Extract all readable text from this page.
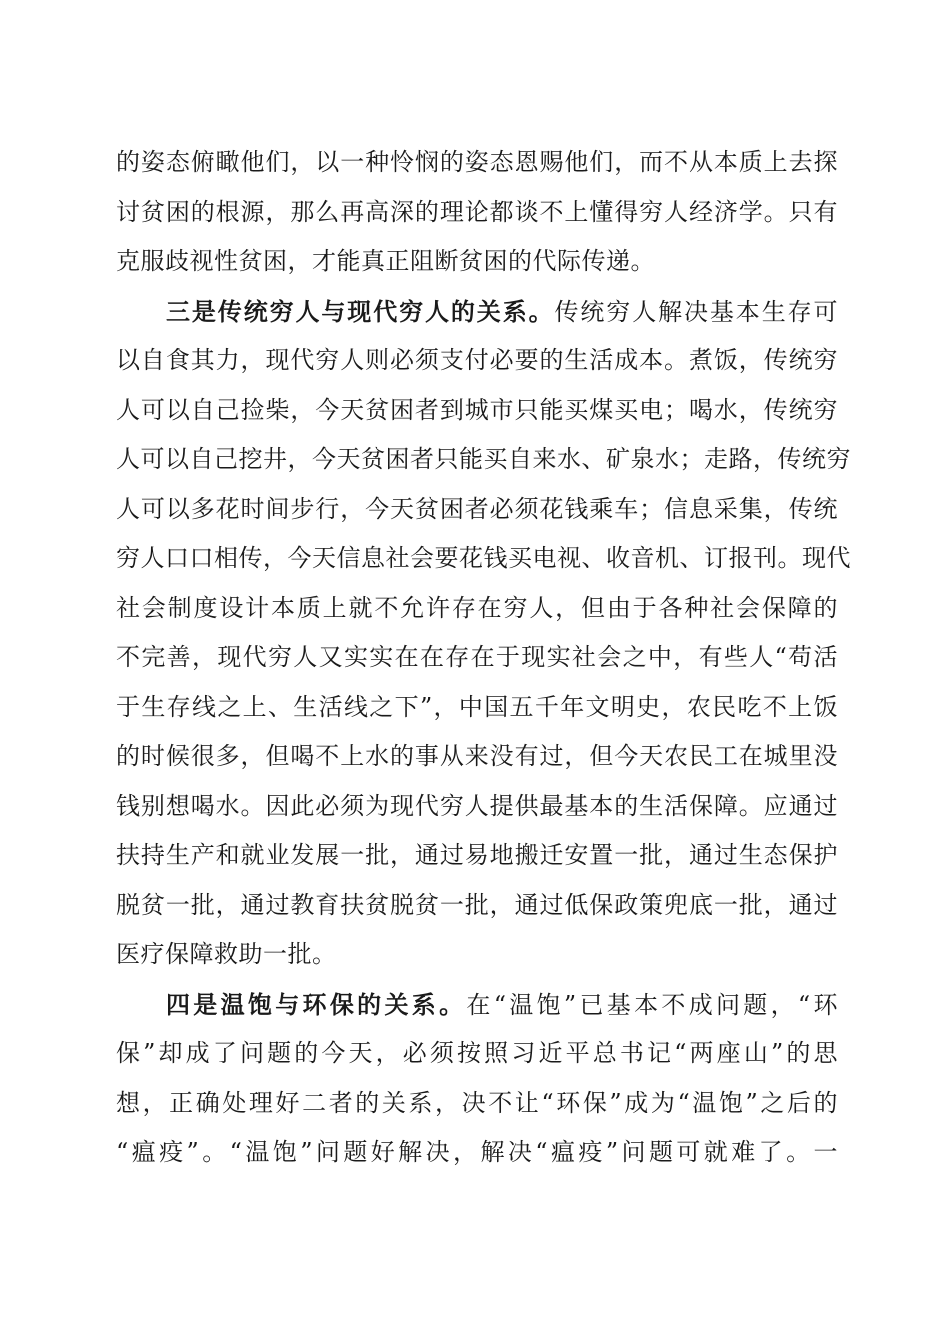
的姿态俯瞰他们，以一种怜悯的姿态恩赐他们，而不从本质上去探
讨贫困的根源，那么再高深的理论都谈不上懂得穷人经济学。只有
克服歧视性贫困，才能真正阻断贫困的代际传递。
三是传统穷人与现代穷人的关系。传统穷人解决基本生存可
以自食其力，现代穷人则必须支付必要的生活成本。煮饭，传统穷
人可以自己捡柴，今天贫困者到城市只能买煤买电；喝水，传统穷
人可以自己挖井，今天贫困者只能买自来水、矿泉水；走路，传统穷
人可以多花时间步行，今天贫困者必须花钱乘车；信息采集，传统
穷人口口相传，今天信息社会要花钱买电视、收音机、订报刊。现代
社会制度设计本质上就不允许存在穷人，但由于各种社会保障的
不完善，现代穷人又实实在在存在于现实社会之中，有些人“苟活
于生存线之上、生活线之下”，中国五千年文明史，农民吃不上饭
的时候很多，但喝不上水的事从来没有过，但今天农民工在城里没
钱别想喝水。因此必须为现代穷人提供最基本的生活保障。应通过
扶持生产和就业发展一批，通过易地搬迁安置一批，通过生态保护
脱贫一批，通过教育扶贫脱贫一批，通过低保政策兜底一批，通过
医疗保障救助一批。
四是温饱与环保的关系。在“温饱”已基本不成问题，“环
保”却成了问题的今天，必须按照习近平总书记“两座山”的思
想，正确处理好二者的关系，决不让“环保”成为“温饱”之后的
“瘟疫”。“温饱”问题好解决，解决“瘟疫”问题可就难了。一
